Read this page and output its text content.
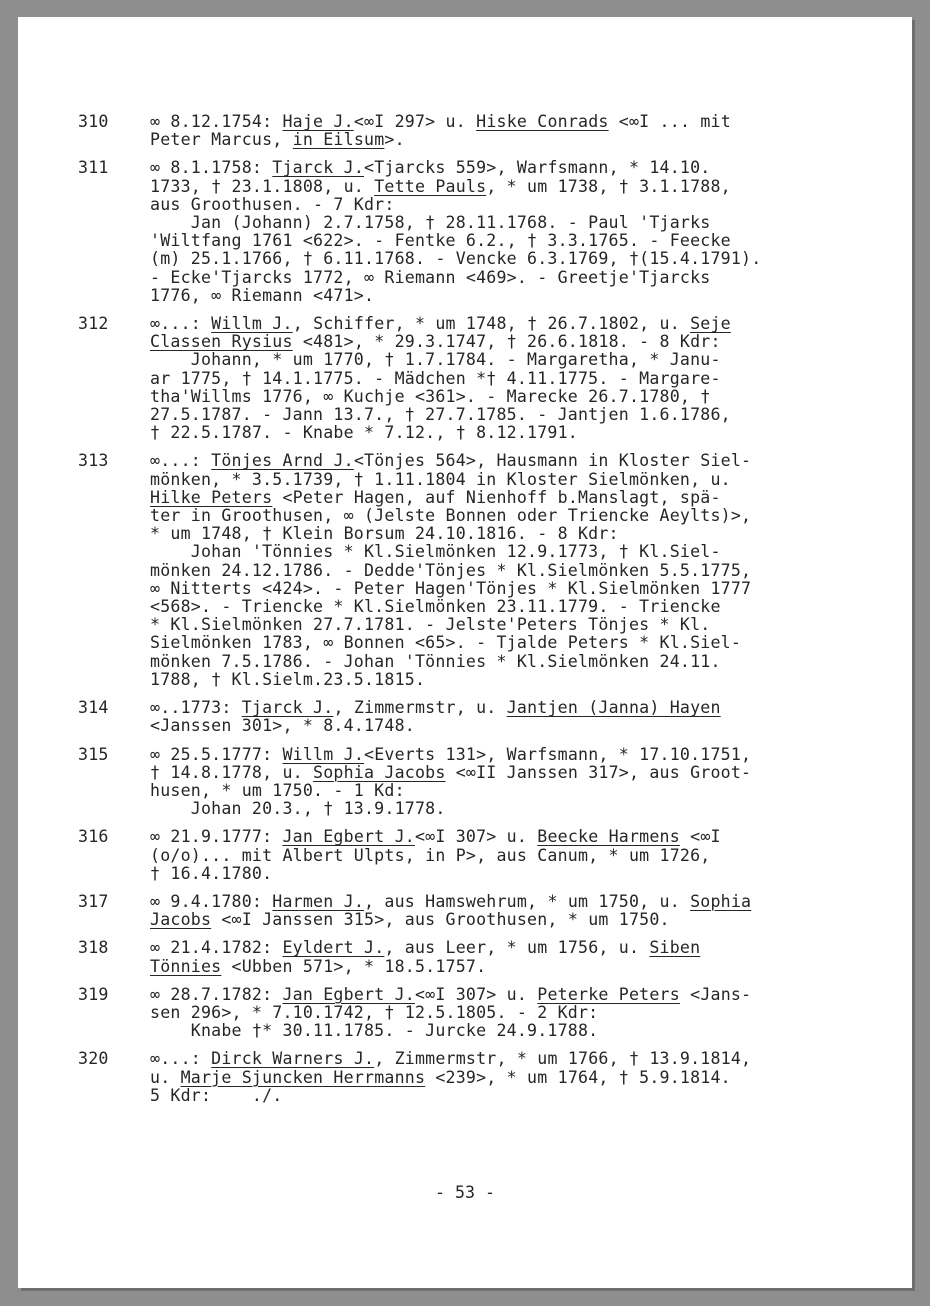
310	∞ 8.12.1754: Haje J.<∞I 297> u. Hiske Conrads <∞I ... mit
Peter Marcus, in Eilsum>.
311	∞ 8.1.1758: Tjarck J.<Tjarcks 559>, Warfsmann, * 14.10.
1733, † 23.1.1808, u. Tette Pauls, * um 1738, † 3.1.1788,
aus Groothusen. - 7 Kdr:
Jan (Johann) 2.7.1758, † 28.11.1768. - Paul 'Tjarks
'Wiltfang 1761 <622>. - Fentke 6.2., † 3.3.1765. - Feecke
(m) 25.1.1766, † 6.11.1768. - Vencke 6.3.1769, †(15.4.1791).
- Ecke'Tjarcks 1772, ∞ Riemann <469>. - Greetje'Tjarcks
1776, ∞ Riemann <471>.
312	∞...: Willm J., Schiffer, * um 1748, † 26.7.1802, u. Seje
Classen Rysius <481>, * 29.3.1747, † 26.6.1818. - 8 Kdr:
Johann, * um 1770, † 1.7.1784. - Margaretha, * Janu-
ar 1775, † 14.1.1775. - Mädchen *† 4.11.1775. - Margare-
tha'Willms 1776, ∞ Kuchje <361>. - Marecke 26.7.1780, †
27.5.1787. - Jann 13.7., † 27.7.1785. - Jantjen 1.6.1786,
† 22.5.1787. - Knabe * 7.12., † 8.12.1791.
313	∞...: Tönjes Arnd J.<Tönjes 564>, Hausmann in Kloster Siel-
mönken, * 3.5.1739, † 1.11.1804 in Kloster Sielmönken, u.
Hilke Peters <Peter Hagen, auf Nienhoff b.Manslagt, spä-
ter in Groothusen, ∞ (Jelste Bonnen oder Triencke Aeylts)>,
* um 1748, † Klein Borsum 24.10.1816. - 8 Kdr:
Johan 'Tönnies * Kl.Sielmönken 12.9.1773, † Kl.Siel-
mönken 24.12.1786. - Dedde'Tönjes * Kl.Sielmönken 5.5.1775,
∞ Nitterts <424>. - Peter Hagen'Tönjes * Kl.Sielmönken 1777
<568>. - Triencke * Kl.Sielmönken 23.11.1779. - Triencke
* Kl.Sielmönken 27.7.1781. - Jelste'Peters Tönjes * Kl.
Sielmönken 1783, ∞ Bonnen <65>. - Tjalde Peters * Kl.Siel-
mönken 7.5.1786. - Johan 'Tönnies * Kl.Sielmönken 24.11.
1788, † Kl.Sielm.23.5.1815.
314	∞..1773: Tjarck J., Zimmermstr, u. Jantjen (Janna) Hayen
<Janssen 301>, * 8.4.1748.
315	∞ 25.5.1777: Willm J.<Everts 131>, Warfsmann, * 17.10.1751,
† 14.8.1778, u. Sophia Jacobs <∞II Janssen 317>, aus Groot-
husen, * um 1750. - 1 Kd:
Johan 20.3., † 13.9.1778.
316	∞ 21.9.1777: Jan Egbert J.<∞I 307> u. Beecke Harmens <∞I
(o/o)... mit Albert Ulpts, in P>, aus Canum, * um 1726,
† 16.4.1780.
317	∞ 9.4.1780: Harmen J., aus Hamswehrum, * um 1750, u. Sophia
Jacobs <∞I Janssen 315>, aus Groothusen, * um 1750.
318	∞ 21.4.1782: Eyldert J., aus Leer, * um 1756, u. Siben
Tönnies <Ubben 571>, * 18.5.1757.
319	∞ 28.7.1782: Jan Egbert J.<∞I 307> u. Peterke Peters <Jans-
sen 296>, * 7.10.1742, † 12.5.1805. - 2 Kdr:
Knabe †* 30.11.1785. - Jurcke 24.9.1788.
320	∞...: Dirck Warners J., Zimmermstr, * um 1766, † 13.9.1814,
u. Marje Sjuncken Herrmanns <239>, * um 1764, † 5.9.1814.
5 Kdr:    ./.
- 53 -
